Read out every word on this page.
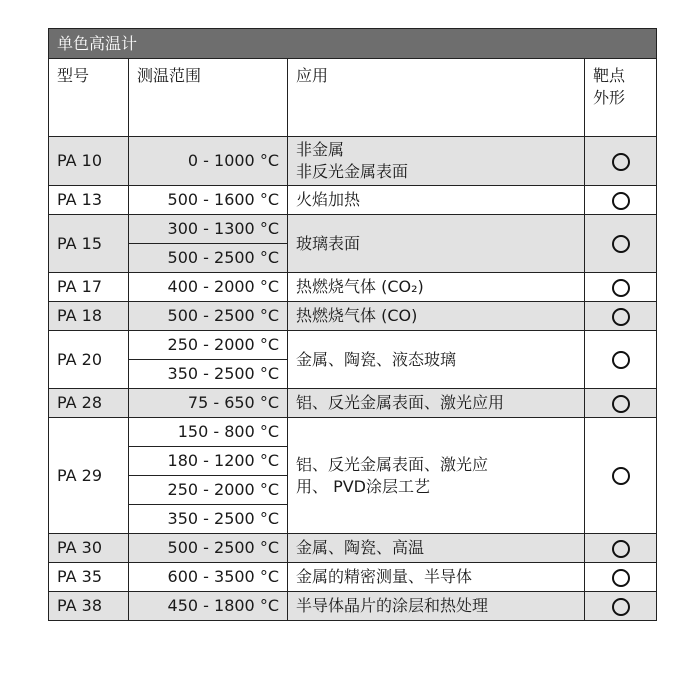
单色高温计			
型号	测温范围	应用	靶点
外形
PA 10	0 - 1000 °C	非金属
非反光金属表面	
PA 13	500 - 1600 °C	火焰加热	
PA 15	300 - 1300 °C	玻璃表面	
	500 - 2500 °C		
PA 17	400 - 2000 °C	热燃烧气体 (CO₂)	
PA 18	500 - 2500 °C	热燃烧气体 (CO)	
PA 20	250 - 2000 °C	金属、陶瓷、液态玻璃	
	350 - 2500 °C		
PA 28	75 - 650 °C	铝、反光金属表面、激光应用	
PA 29	150 - 800 °C	铝、反光金属表面、激光应
用、 PVD涂层工艺	
	180 - 1200 °C		
	250 - 2000 °C		
	350 - 2500 °C		
PA 30	500 - 2500 °C	金属、陶瓷、高温	
PA 35	600 - 3500 °C	金属的精密测量、半导体	
PA 38	450 - 1800 °C	半导体晶片的涂层和热处理	
